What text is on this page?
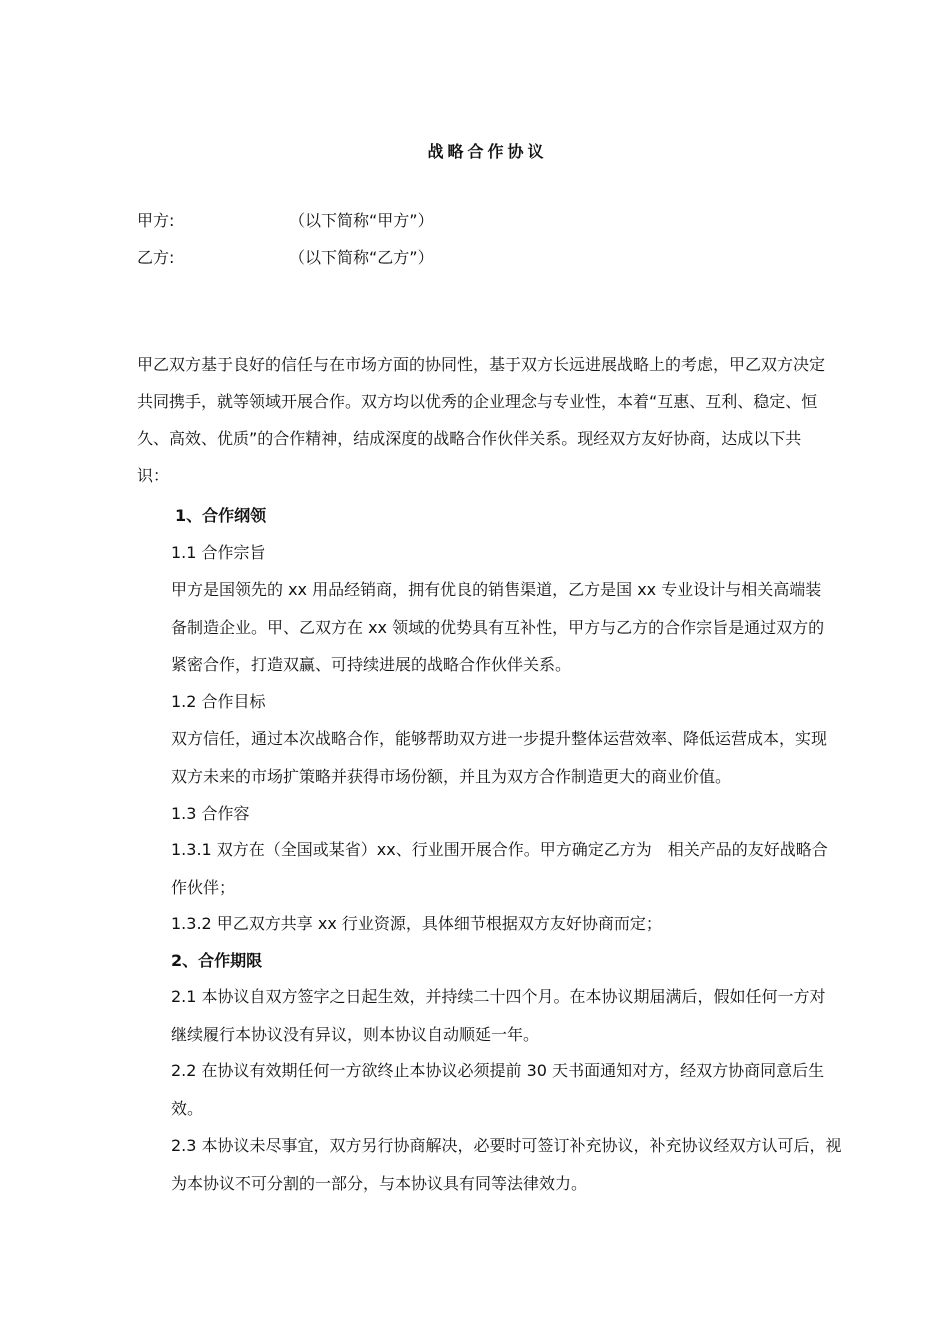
战略合作协议
甲方:	（以下简称“甲方”）
乙方:	（以下简称“乙方”）

甲乙双方基于良好的信任与在市场方面的协同性，基于双方长远进展战略上的考虑，甲乙双方决定共同携手，就等领域开展合作。双方均以优秀的企业理念与专业性，本着“互惠、互利、稳定、恒久、高效、优质”的合作精神，结成深度的战略合作伙伴关系。现经双方友好协商，达成以下共识：

1、合作纲领
1.1 合作宗旨

甲方是国领先的 xx 用品经销商，拥有优良的销售渠道，乙方是国 xx 专业设计与相关高端装备制造企业。甲、乙双方在 xx 领域的优势具有互补性，甲方与乙方的合作宗旨是通过双方的紧密合作，打造双赢、可持续进展的战略合作伙伴关系。

1.2 合作目标

双方信任，通过本次战略合作，能够帮助双方进一步提升整体运营效率、降低运营成本，实现双方未来的市场扩策略并获得市场份额，并且为双方合作制造更大的商业价值。

1.3 合作容

1.3.1 双方在（全国或某省）xx、行业围开展合作。甲方确定乙方为　相关产品的友好战略合作伙伴；

1.3.2 甲乙双方共享 xx 行业资源，具体细节根据双方友好协商而定；
2、合作期限

2.1 本协议自双方签字之日起生效，并持续二十四个月。在本协议期届满后，假如任何一方对继续履行本协议没有异议，则本协议自动顺延一年。

2.2 在协议有效期任何一方欲终止本协议必须提前 30 天书面通知对方，经双方协商同意后生效。

2.3 本协议未尽事宜，双方另行协商解决，必要时可签订补充协议，补充协议经双方认可后，视为本协议不可分割的一部分，与本协议具有同等法律效力。
